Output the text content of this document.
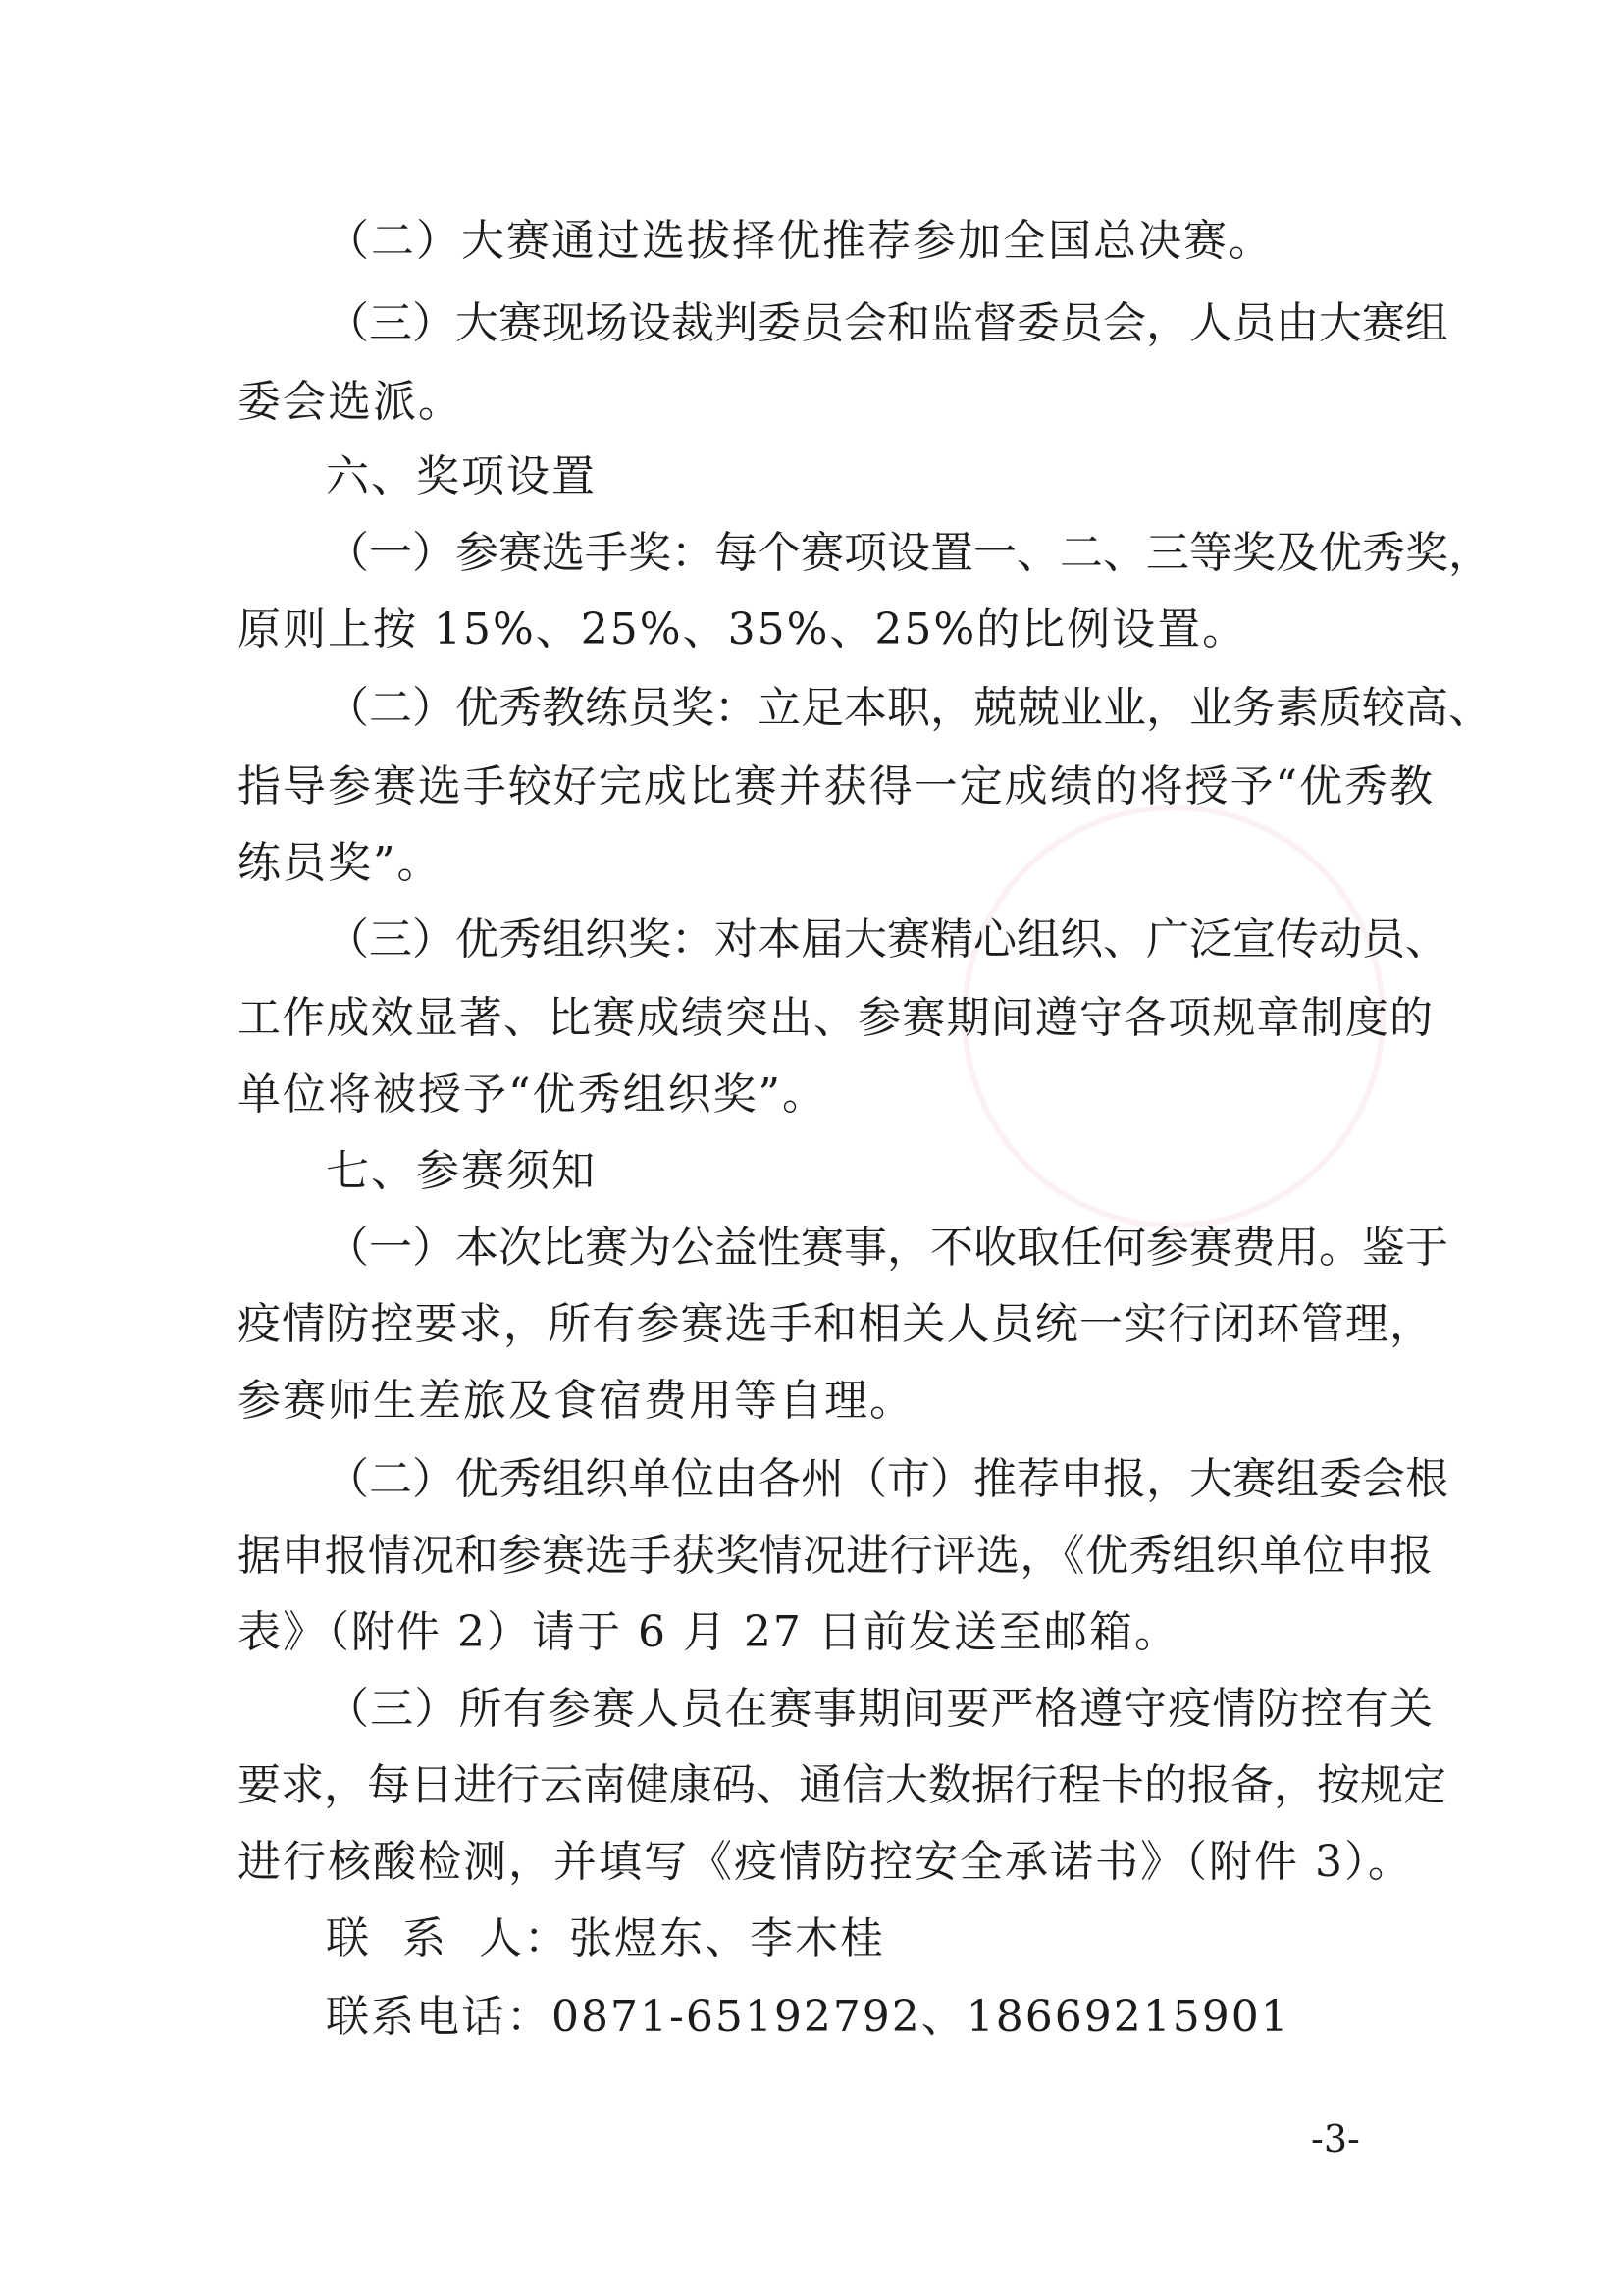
（二）大赛通过选拔择优推荐参加全国总决赛。
（三）大赛现场设裁判委员会和监督委员会，人员由大赛组
委会选派。
六、奖项设置
（一）参赛选手奖：每个赛项设置一、二、三等奖及优秀奖，
原则上按 15%、25%、35%、25%的比例设置。
（二）优秀教练员奖：立足本职，兢兢业业，业务素质较高、
指导参赛选手较好完成比赛并获得一定成绩的将授予“优秀教
练员奖”。
（三）优秀组织奖：对本届大赛精心组织、广泛宣传动员、
工作成效显著、比赛成绩突出、参赛期间遵守各项规章制度的
单位将被授予“优秀组织奖”。
七、参赛须知
（一）本次比赛为公益性赛事，不收取任何参赛费用。鉴于
疫情防控要求，所有参赛选手和相关人员统一实行闭环管理，
参赛师生差旅及食宿费用等自理。
（二）优秀组织单位由各州（市）推荐申报，大赛组委会根
据申报情况和参赛选手获奖情况进行评选，《优秀组织单位申报
表》（附件 2）请于 6 月 27 日前发送至邮箱。
（三）所有参赛人员在赛事期间要严格遵守疫情防控有关
要求，每日进行云南健康码、通信大数据行程卡的报备，按规定
进行核酸检测，并填写《疫情防控安全承诺书》（附件 3）。
联  系  人：张煜东、李木桂
联系电话：0871-65192792、18669215901
-3-
